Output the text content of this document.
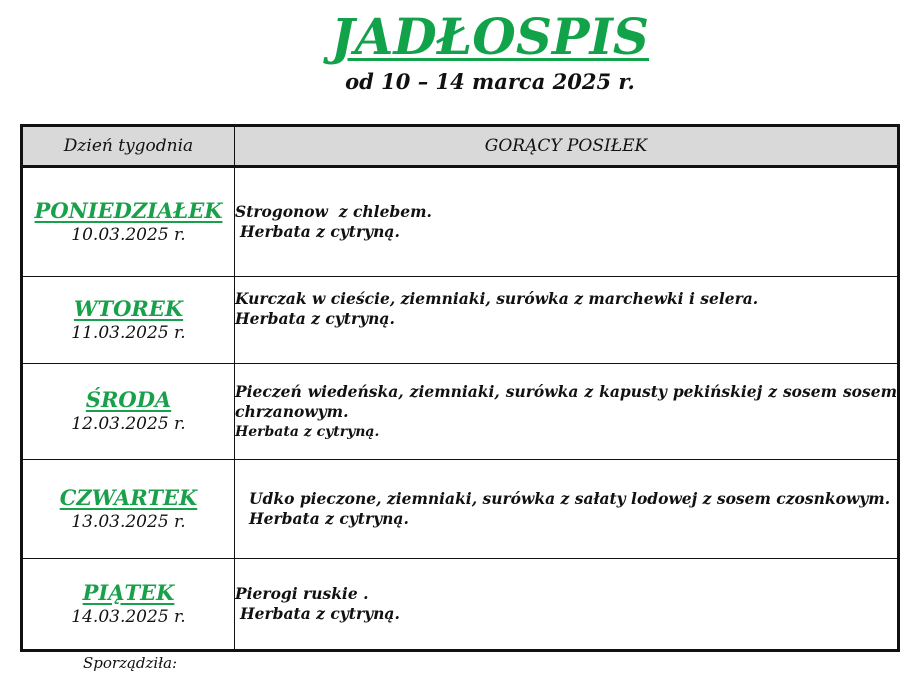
JADŁOSPIS
od 10 – 14 marca 2025 r.
Dzień tygodnia	GORĄCY POSIŁEK

PONIEDZIAŁEK
10.03.2025 r.	Strogonow  z chlebem.
Herbata z cytryną.

WTOREK
11.03.2025 r.	Kurczak w cieście, ziemniaki, surówka z marchewki i selera.
Herbata z cytryną.

ŚRODA
12.03.2025 r.	Pieczeń wiedeńska, ziemniaki, surówka z kapusty pekińskiej z sosem sosem chrzanowym.
Herbata z cytryną.

CZWARTEK
13.03.2025 r.	Udko pieczone, ziemniaki, surówka z sałaty lodowej z sosem czosnkowym.
Herbata z cytryną.

PIĄTEK
14.03.2025 r.	Pierogi ruskie .
Herbata z cytryną.
Sporządziła:
